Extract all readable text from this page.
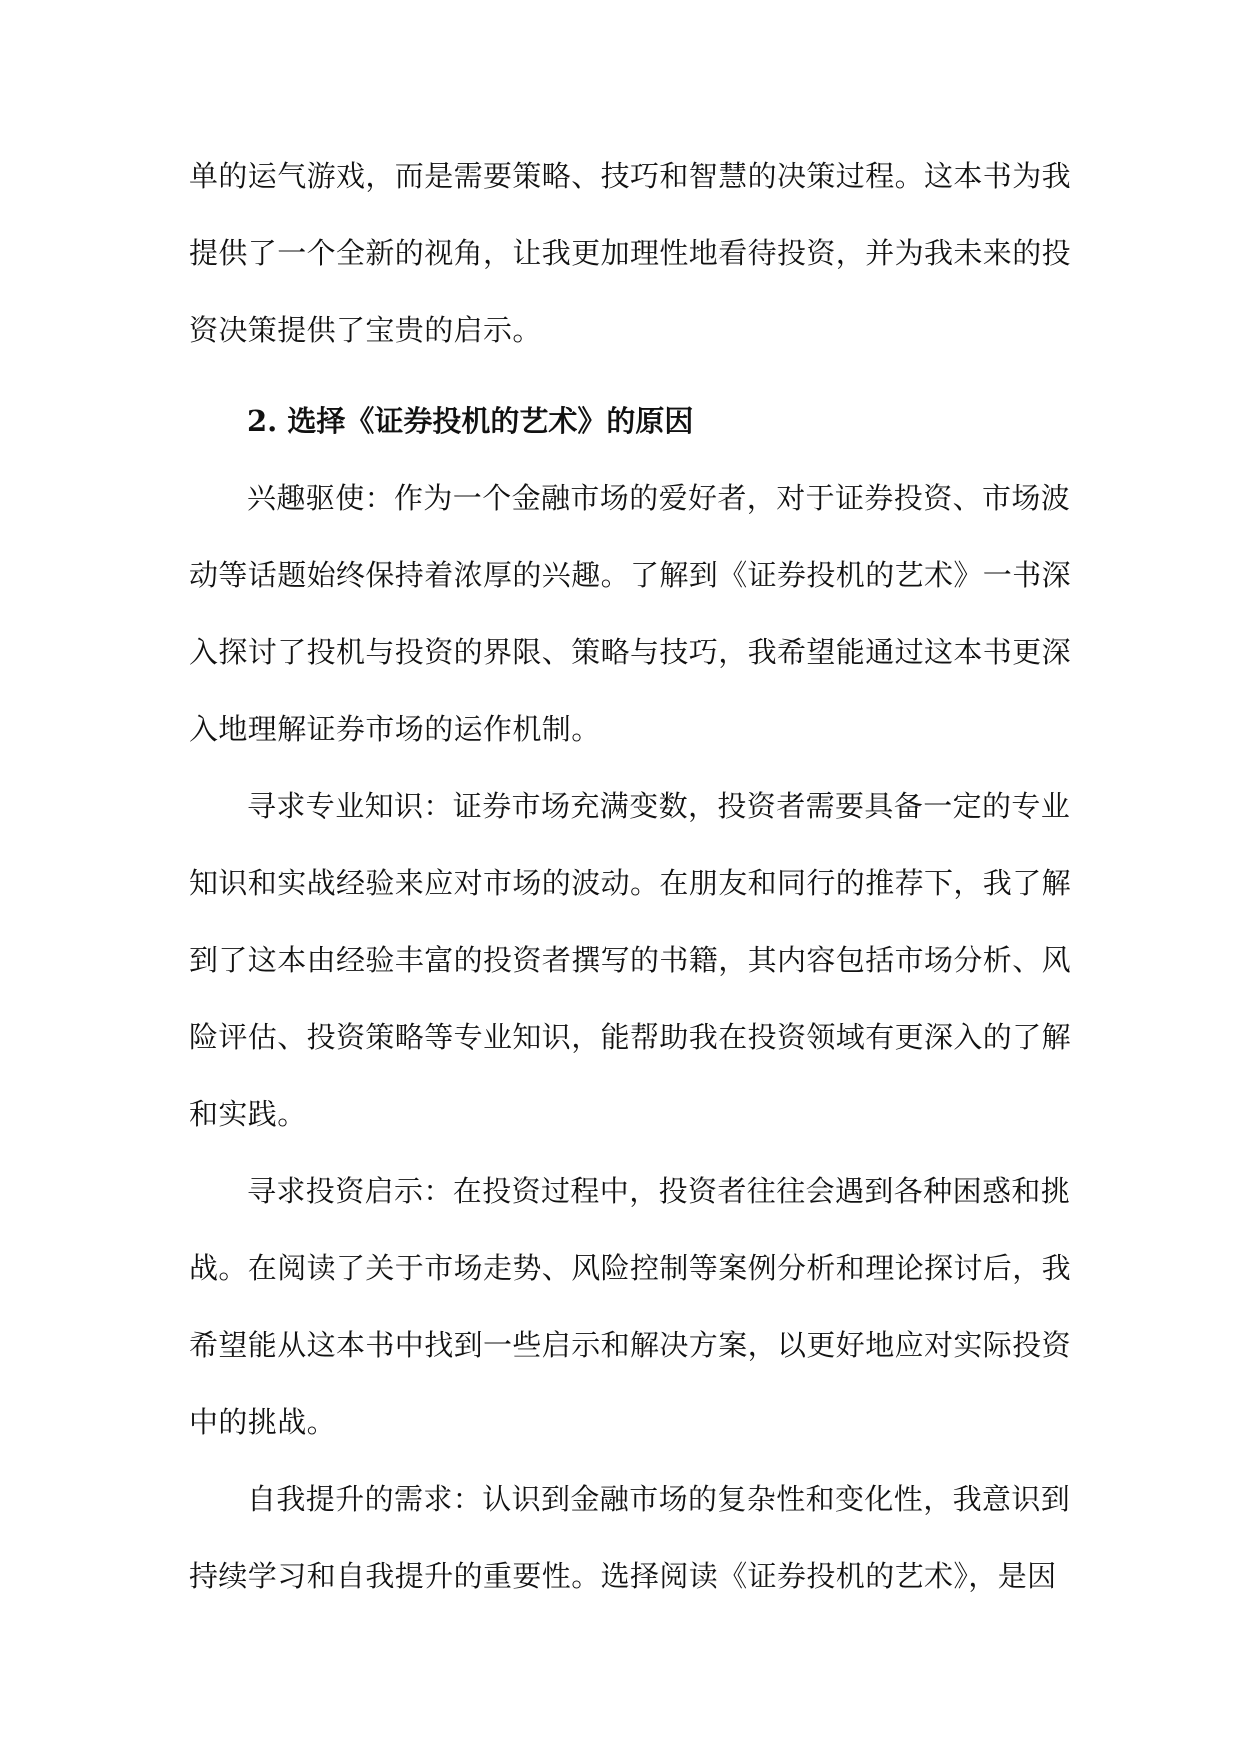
单的运气游戏，而是需要策略、技巧和智慧的决策过程。这本书为我
提供了一个全新的视角，让我更加理性地看待投资，并为我未来的投
资决策提供了宝贵的启示。

2. 选择《证券投机的艺术》的原因

兴趣驱使：作为一个金融市场的爱好者，对于证券投资、市场波
动等话题始终保持着浓厚的兴趣。了解到《证券投机的艺术》一书深
入探讨了投机与投资的界限、策略与技巧，我希望能通过这本书更深
入地理解证券市场的运作机制。

寻求专业知识：证券市场充满变数，投资者需要具备一定的专业
知识和实战经验来应对市场的波动。在朋友和同行的推荐下，我了解
到了这本由经验丰富的投资者撰写的书籍，其内容包括市场分析、风
险评估、投资策略等专业知识，能帮助我在投资领域有更深入的了解
和实践。

寻求投资启示：在投资过程中，投资者往往会遇到各种困惑和挑
战。在阅读了关于市场走势、风险控制等案例分析和理论探讨后，我
希望能从这本书中找到一些启示和解决方案，以更好地应对实际投资
中的挑战。

自我提升的需求：认识到金融市场的复杂性和变化性，我意识到
持续学习和自我提升的重要性。选择阅读《证券投机的艺术》，是因
